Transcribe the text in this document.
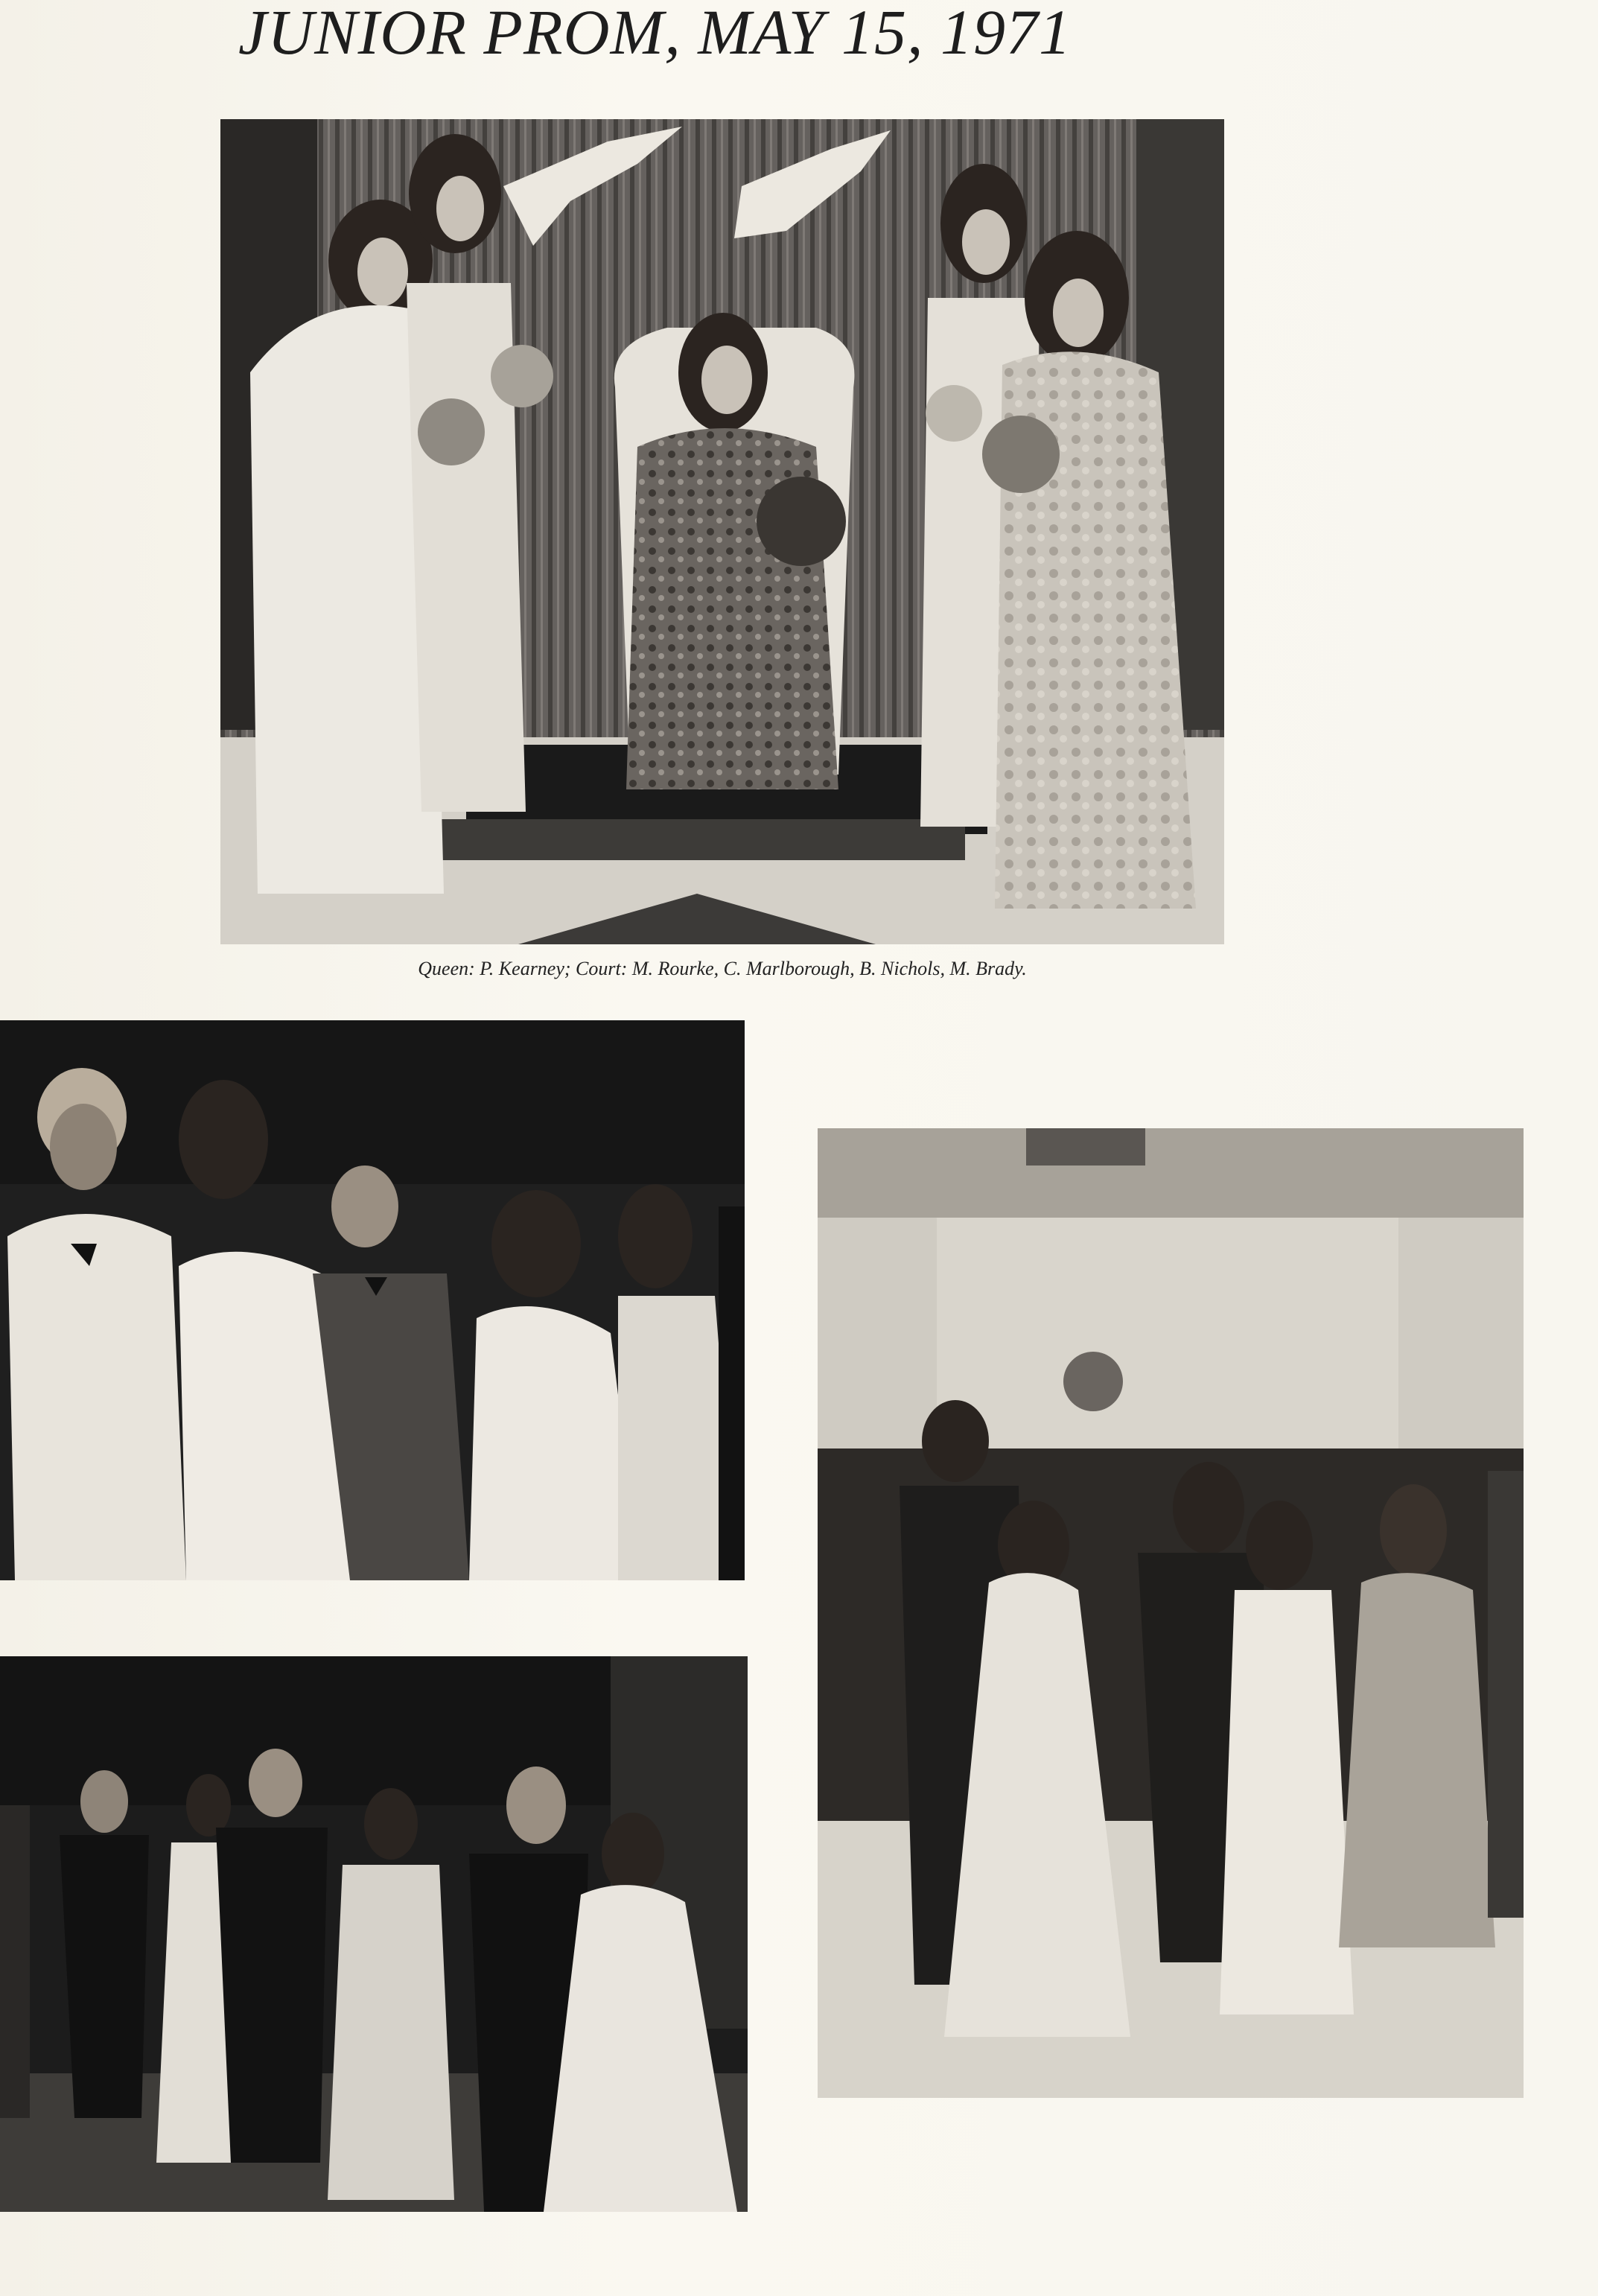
JUNIOR PROM, MAY 15, 1971

Queen: P. Kearney; Court: M. Rourke, C. Marlborough, B. Nichols, M. Brady.
